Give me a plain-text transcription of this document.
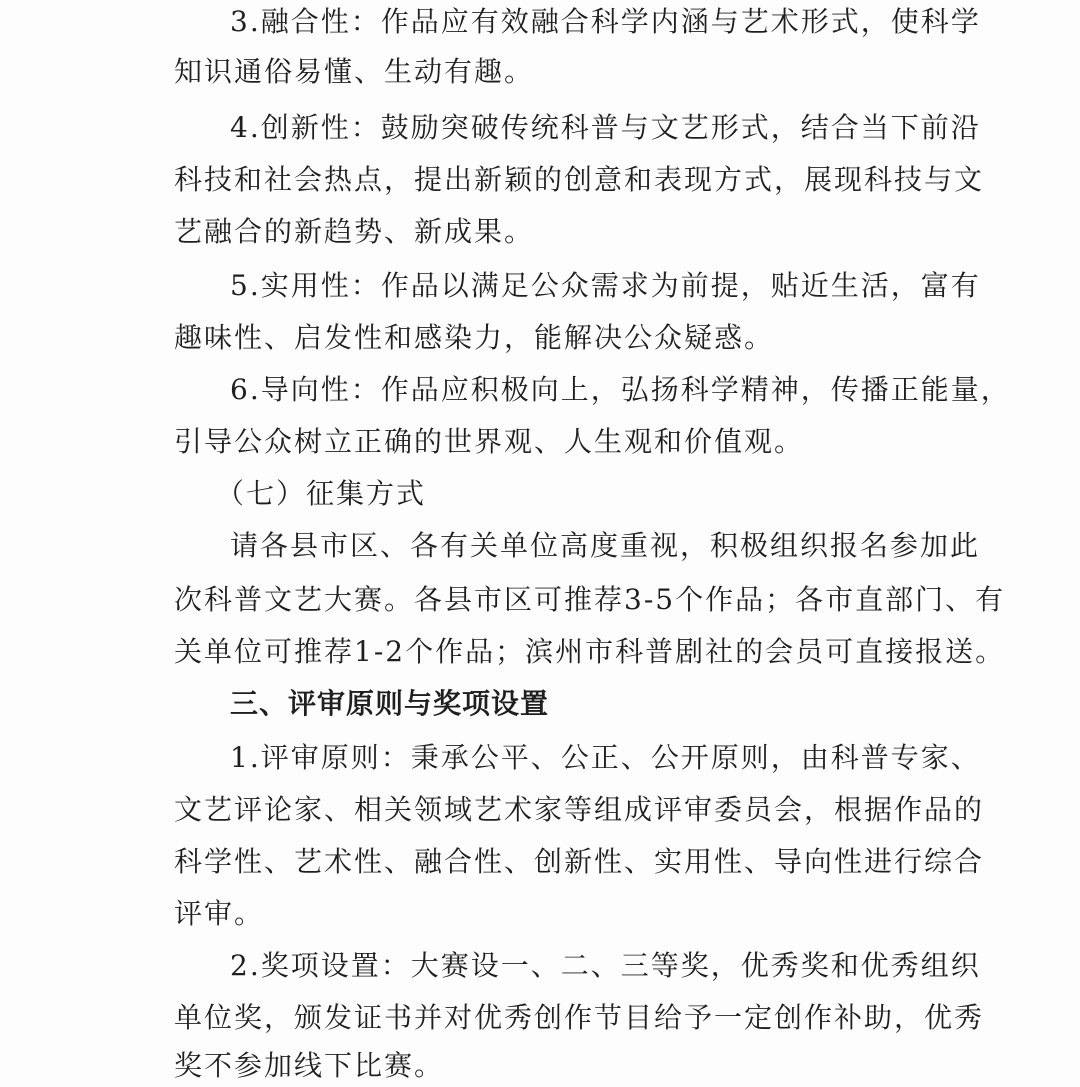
3.融合性：作品应有效融合科学内涵与艺术形式，使科学
知识通俗易懂、生动有趣。
4.创新性：鼓励突破传统科普与文艺形式，结合当下前沿
科技和社会热点，提出新颖的创意和表现方式，展现科技与文
艺融合的新趋势、新成果。
5.实用性：作品以满足公众需求为前提，贴近生活，富有
趣味性、启发性和感染力，能解决公众疑惑。
6.导向性：作品应积极向上，弘扬科学精神，传播正能量，
引导公众树立正确的世界观、人生观和价值观。
（七）征集方式
请各县市区、各有关单位高度重视，积极组织报名参加此
次科普文艺大赛。各县市区可推荐3-5个作品；各市直部门、有
关单位可推荐1-2个作品；滨州市科普剧社的会员可直接报送。
三、评审原则与奖项设置
1.评审原则：秉承公平、公正、公开原则，由科普专家、
文艺评论家、相关领域艺术家等组成评审委员会，根据作品的
科学性、艺术性、融合性、创新性、实用性、导向性进行综合
评审。
2.奖项设置：大赛设一、二、三等奖，优秀奖和优秀组织
单位奖，颁发证书并对优秀创作节目给予一定创作补助，优秀
奖不参加线下比赛。
